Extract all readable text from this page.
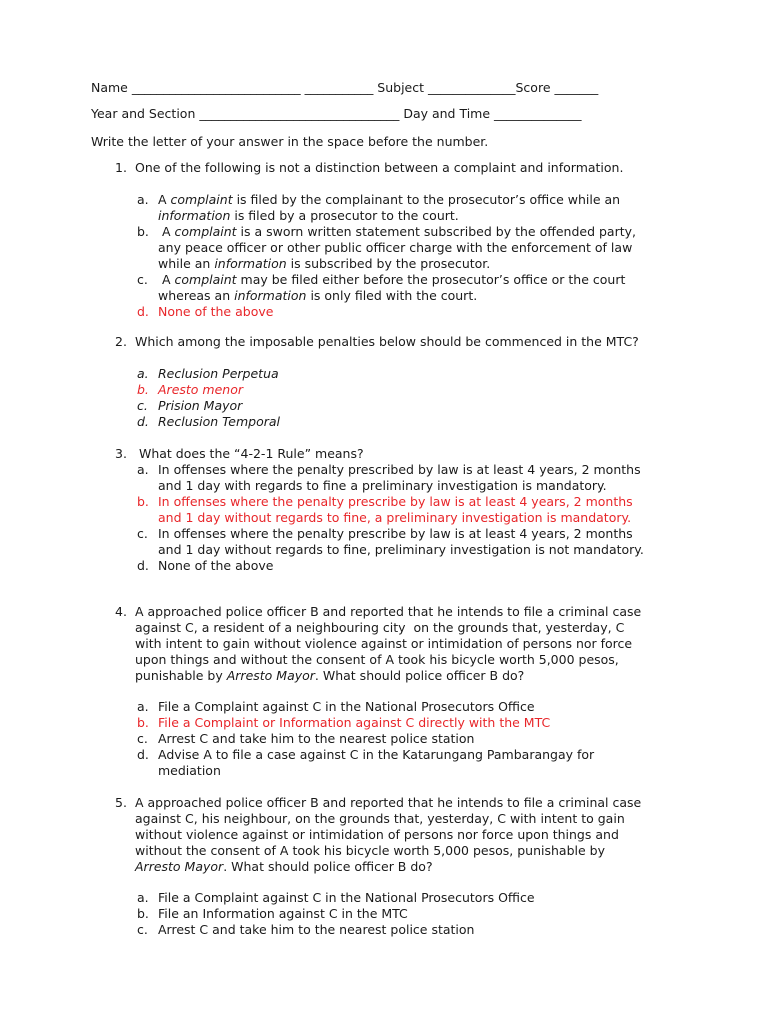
Name ___________________________ ___________ Subject ______________Score _______
Year and Section ________________________________ Day and Time ______________
Write the letter of your answer in the space before the number.
1. One of the following is not a distinction between a complaint and information.
a. A complaint is filed by the complainant to the prosecutor’s office while an
information is filed by a prosecutor to the court.
b. A complaint is a sworn written statement subscribed by the offended party,
any peace officer or other public officer charge with the enforcement of law
while an information is subscribed by the prosecutor.
c. A complaint may be filed either before the prosecutor’s office or the court
whereas an information is only filed with the court.
d. None of the above
2. Which among the imposable penalties below should be commenced in the MTC?
a. Reclusion Perpetua
b. Aresto menor
c. Prision Mayor
d. Reclusion Temporal
3. What does the “4-2-1 Rule” means?
a. In offenses where the penalty prescribed by law is at least 4 years, 2 months
and 1 day with regards to fine a preliminary investigation is mandatory.
b. In offenses where the penalty prescribe by law is at least 4 years, 2 months
and 1 day without regards to fine, a preliminary investigation is mandatory.
c. In offenses where the penalty prescribe by law is at least 4 years, 2 months
and 1 day without regards to fine, preliminary investigation is not mandatory.
d. None of the above
4. A approached police officer B and reported that he intends to file a criminal case
against C, a resident of a neighbouring city  on the grounds that, yesterday, C
with intent to gain without violence against or intimidation of persons nor force
upon things and without the consent of A took his bicycle worth 5,000 pesos,
punishable by Arresto Mayor. What should police officer B do?
a. File a Complaint against C in the National Prosecutors Office
b. File a Complaint or Information against C directly with the MTC
c. Arrest C and take him to the nearest police station
d. Advise A to file a case against C in the Katarungang Pambarangay for
mediation
5. A approached police officer B and reported that he intends to file a criminal case
against C, his neighbour, on the grounds that, yesterday, C with intent to gain
without violence against or intimidation of persons nor force upon things and
without the consent of A took his bicycle worth 5,000 pesos, punishable by
Arresto Mayor. What should police officer B do?
a. File a Complaint against C in the National Prosecutors Office
b. File an Information against C in the MTC
c. Arrest C and take him to the nearest police station
